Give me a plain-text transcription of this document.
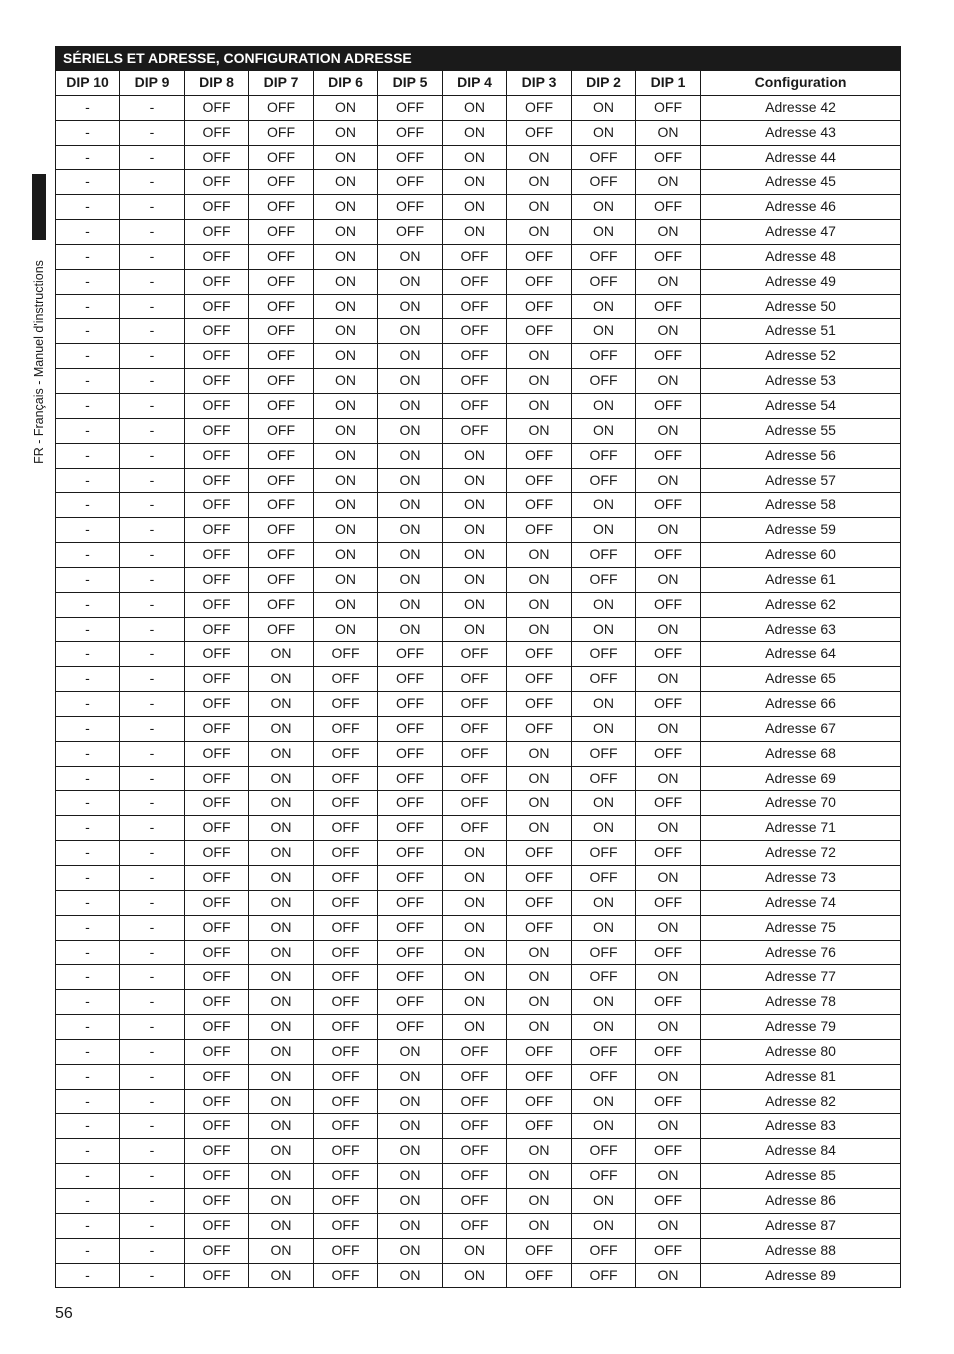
FR - Français - Manuel d'instructions
SÉRIELS ET ADRESSE, CONFIGURATION ADRESSE										
DIP 10	DIP 9	DIP 8	DIP 7	DIP 6	DIP 5	DIP 4	DIP 3	DIP 2	DIP 1	Configuration
-	-	OFF	OFF	ON	OFF	ON	OFF	ON	OFF	Adresse 42
-	-	OFF	OFF	ON	OFF	ON	OFF	ON	ON	Adresse 43
-	-	OFF	OFF	ON	OFF	ON	ON	OFF	OFF	Adresse 44
-	-	OFF	OFF	ON	OFF	ON	ON	OFF	ON	Adresse 45
-	-	OFF	OFF	ON	OFF	ON	ON	ON	OFF	Adresse 46
-	-	OFF	OFF	ON	OFF	ON	ON	ON	ON	Adresse 47
-	-	OFF	OFF	ON	ON	OFF	OFF	OFF	OFF	Adresse 48
-	-	OFF	OFF	ON	ON	OFF	OFF	OFF	ON	Adresse 49
-	-	OFF	OFF	ON	ON	OFF	OFF	ON	OFF	Adresse 50
-	-	OFF	OFF	ON	ON	OFF	OFF	ON	ON	Adresse 51
-	-	OFF	OFF	ON	ON	OFF	ON	OFF	OFF	Adresse 52
-	-	OFF	OFF	ON	ON	OFF	ON	OFF	ON	Adresse 53
-	-	OFF	OFF	ON	ON	OFF	ON	ON	OFF	Adresse 54
-	-	OFF	OFF	ON	ON	OFF	ON	ON	ON	Adresse 55
-	-	OFF	OFF	ON	ON	ON	OFF	OFF	OFF	Adresse 56
-	-	OFF	OFF	ON	ON	ON	OFF	OFF	ON	Adresse 57
-	-	OFF	OFF	ON	ON	ON	OFF	ON	OFF	Adresse 58
-	-	OFF	OFF	ON	ON	ON	OFF	ON	ON	Adresse 59
-	-	OFF	OFF	ON	ON	ON	ON	OFF	OFF	Adresse 60
-	-	OFF	OFF	ON	ON	ON	ON	OFF	ON	Adresse 61
-	-	OFF	OFF	ON	ON	ON	ON	ON	OFF	Adresse 62
-	-	OFF	OFF	ON	ON	ON	ON	ON	ON	Adresse 63
-	-	OFF	ON	OFF	OFF	OFF	OFF	OFF	OFF	Adresse 64
-	-	OFF	ON	OFF	OFF	OFF	OFF	OFF	ON	Adresse 65
-	-	OFF	ON	OFF	OFF	OFF	OFF	ON	OFF	Adresse 66
-	-	OFF	ON	OFF	OFF	OFF	OFF	ON	ON	Adresse 67
-	-	OFF	ON	OFF	OFF	OFF	ON	OFF	OFF	Adresse 68
-	-	OFF	ON	OFF	OFF	OFF	ON	OFF	ON	Adresse 69
-	-	OFF	ON	OFF	OFF	OFF	ON	ON	OFF	Adresse 70
-	-	OFF	ON	OFF	OFF	OFF	ON	ON	ON	Adresse 71
-	-	OFF	ON	OFF	OFF	ON	OFF	OFF	OFF	Adresse 72
-	-	OFF	ON	OFF	OFF	ON	OFF	OFF	ON	Adresse 73
-	-	OFF	ON	OFF	OFF	ON	OFF	ON	OFF	Adresse 74
-	-	OFF	ON	OFF	OFF	ON	OFF	ON	ON	Adresse 75
-	-	OFF	ON	OFF	OFF	ON	ON	OFF	OFF	Adresse 76
-	-	OFF	ON	OFF	OFF	ON	ON	OFF	ON	Adresse 77
-	-	OFF	ON	OFF	OFF	ON	ON	ON	OFF	Adresse 78
-	-	OFF	ON	OFF	OFF	ON	ON	ON	ON	Adresse 79
-	-	OFF	ON	OFF	ON	OFF	OFF	OFF	OFF	Adresse 80
-	-	OFF	ON	OFF	ON	OFF	OFF	OFF	ON	Adresse 81
-	-	OFF	ON	OFF	ON	OFF	OFF	ON	OFF	Adresse 82
-	-	OFF	ON	OFF	ON	OFF	OFF	ON	ON	Adresse 83
-	-	OFF	ON	OFF	ON	OFF	ON	OFF	OFF	Adresse 84
-	-	OFF	ON	OFF	ON	OFF	ON	OFF	ON	Adresse 85
-	-	OFF	ON	OFF	ON	OFF	ON	ON	OFF	Adresse 86
-	-	OFF	ON	OFF	ON	OFF	ON	ON	ON	Adresse 87
-	-	OFF	ON	OFF	ON	ON	OFF	OFF	OFF	Adresse 88
-	-	OFF	ON	OFF	ON	ON	OFF	OFF	ON	Adresse 89
56
